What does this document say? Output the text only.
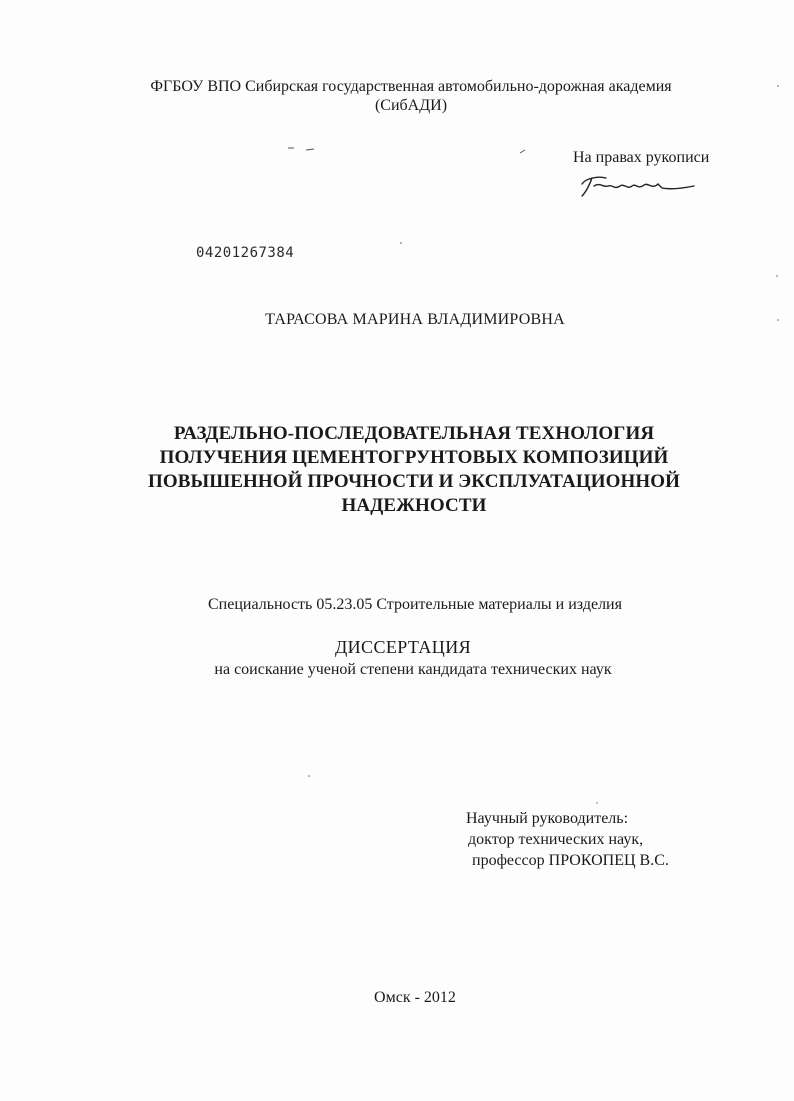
ФГБОУ ВПО Сибирская государственная автомобильно-дорожная академия
(СибАДИ)
На правах рукописи
04201267384
ТАРАСОВА МАРИНА ВЛАДИМИРОВНА
РАЗДЕЛЬНО-ПОСЛЕДОВАТЕЛЬНАЯ ТЕХНОЛОГИЯ
ПОЛУЧЕНИЯ ЦЕМЕНТОГРУНТОВЫХ КОМПОЗИЦИЙ
ПОВЫШЕННОЙ ПРОЧНОСТИ И ЭКСПЛУАТАЦИОННОЙ
НАДЕЖНОСТИ
Специальность 05.23.05 Строительные материалы и изделия
ДИССЕРТАЦИЯ
на соискание ученой степени кандидата технических наук
Научный руководитель:
доктор технических наук,
профессор ПРОКОПЕЦ В.С.
Омск - 2012
